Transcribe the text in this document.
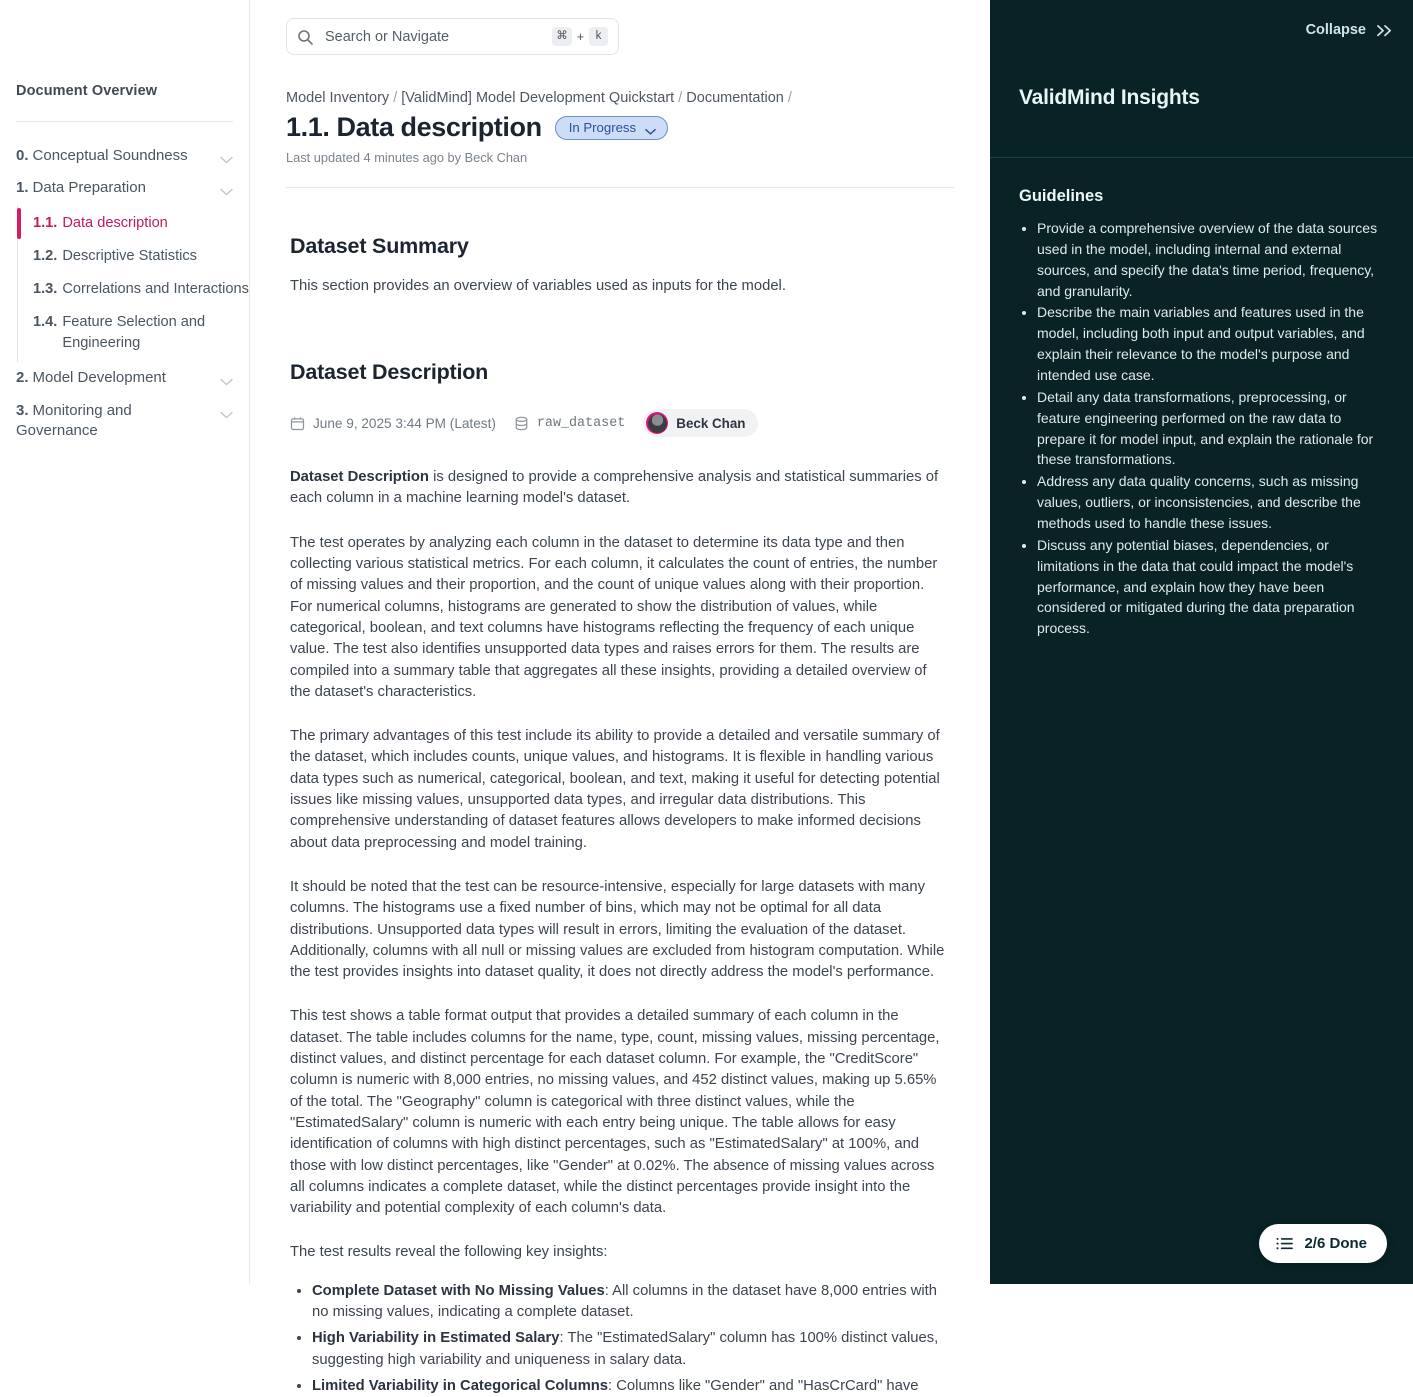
Document Overview
0. Conceptual Soundness
1. Data Preparation
1.1. Data description
1.2. Descriptive Statistics
1.3. Correlations and Interactions
1.4. Feature Selection and Engineering
2. Model Development
3. Monitoring and Governance
Search or Navigate	⌘ +	k
Model Inventory / [ValidMind] Model Development Quickstart / Documentation /
1.1. Data description In Progress
Last updated 4 minutes ago by Beck Chan
Dataset Summary

This section provides an overview of variables used as inputs for the model.

Dataset Description
June 9, 2025 3:44 PM (Latest)	raw_dataset	Beck Chan

Dataset Description is designed to provide a comprehensive analysis and statistical summaries of each column in a machine learning model's dataset.

The test operates by analyzing each column in the dataset to determine its data type and then collecting various statistical metrics. For each column, it calculates the count of entries, the number of missing values and their proportion, and the count of unique values along with their proportion. For numerical columns, histograms are generated to show the distribution of values, while categorical, boolean, and text columns have histograms reflecting the frequency of each unique value. The test also identifies unsupported data types and raises errors for them. The results are compiled into a summary table that aggregates all these insights, providing a detailed overview of the dataset's characteristics.

The primary advantages of this test include its ability to provide a detailed and versatile summary of the dataset, which includes counts, unique values, and histograms. It is flexible in handling various data types such as numerical, categorical, boolean, and text, making it useful for detecting potential issues like missing values, unsupported data types, and irregular data distributions. This comprehensive understanding of dataset features allows developers to make informed decisions about data preprocessing and model training.

It should be noted that the test can be resource-intensive, especially for large datasets with many columns. The histograms use a fixed number of bins, which may not be optimal for all data distributions. Unsupported data types will result in errors, limiting the evaluation of the dataset. Additionally, columns with all null or missing values are excluded from histogram computation. While the test provides insights into dataset quality, it does not directly address the model's performance.

This test shows a table format output that provides a detailed summary of each column in the dataset. The table includes columns for the name, type, count, missing values, missing percentage, distinct values, and distinct percentage for each dataset column. For example, the "CreditScore" column is numeric with 8,000 entries, no missing values, and 452 distinct values, making up 5.65% of the total. The "Geography" column is categorical with three distinct values, while the "EstimatedSalary" column is numeric with each entry being unique. The table allows for easy identification of columns with high distinct percentages, such as "EstimatedSalary" at 100%, and those with low distinct percentages, like "Gender" at 0.02%. The absence of missing values across all columns indicates a complete dataset, while the distinct percentages provide insight into the variability and potential complexity of each column's data.

The test results reveal the following key insights:

• Complete Dataset with No Missing Values: All columns in the dataset have 8,000 entries with no missing values, indicating a complete dataset.
• High Variability in Estimated Salary: The "EstimatedSalary" column has 100% distinct values, suggesting high variability and uniqueness in salary data.
• Limited Variability in Categorical Columns: Columns like "Gender" and "HasCrCard" have
Collapse
ValidMind Insights
Guidelines
• Provide a comprehensive overview of the data sources used in the model, including internal and external sources, and specify the data's time period, frequency, and granularity.
• Describe the main variables and features used in the model, including both input and output variables, and explain their relevance to the model's purpose and intended use case.
• Detail any data transformations, preprocessing, or feature engineering performed on the raw data to prepare it for model input, and explain the rationale for these transformations.
• Address any data quality concerns, such as missing values, outliers, or inconsistencies, and describe the methods used to handle these issues.
• Discuss any potential biases, dependencies, or limitations in the data that could impact the model's performance, and explain how they have been considered or mitigated during the data preparation process.
2/6 Done
